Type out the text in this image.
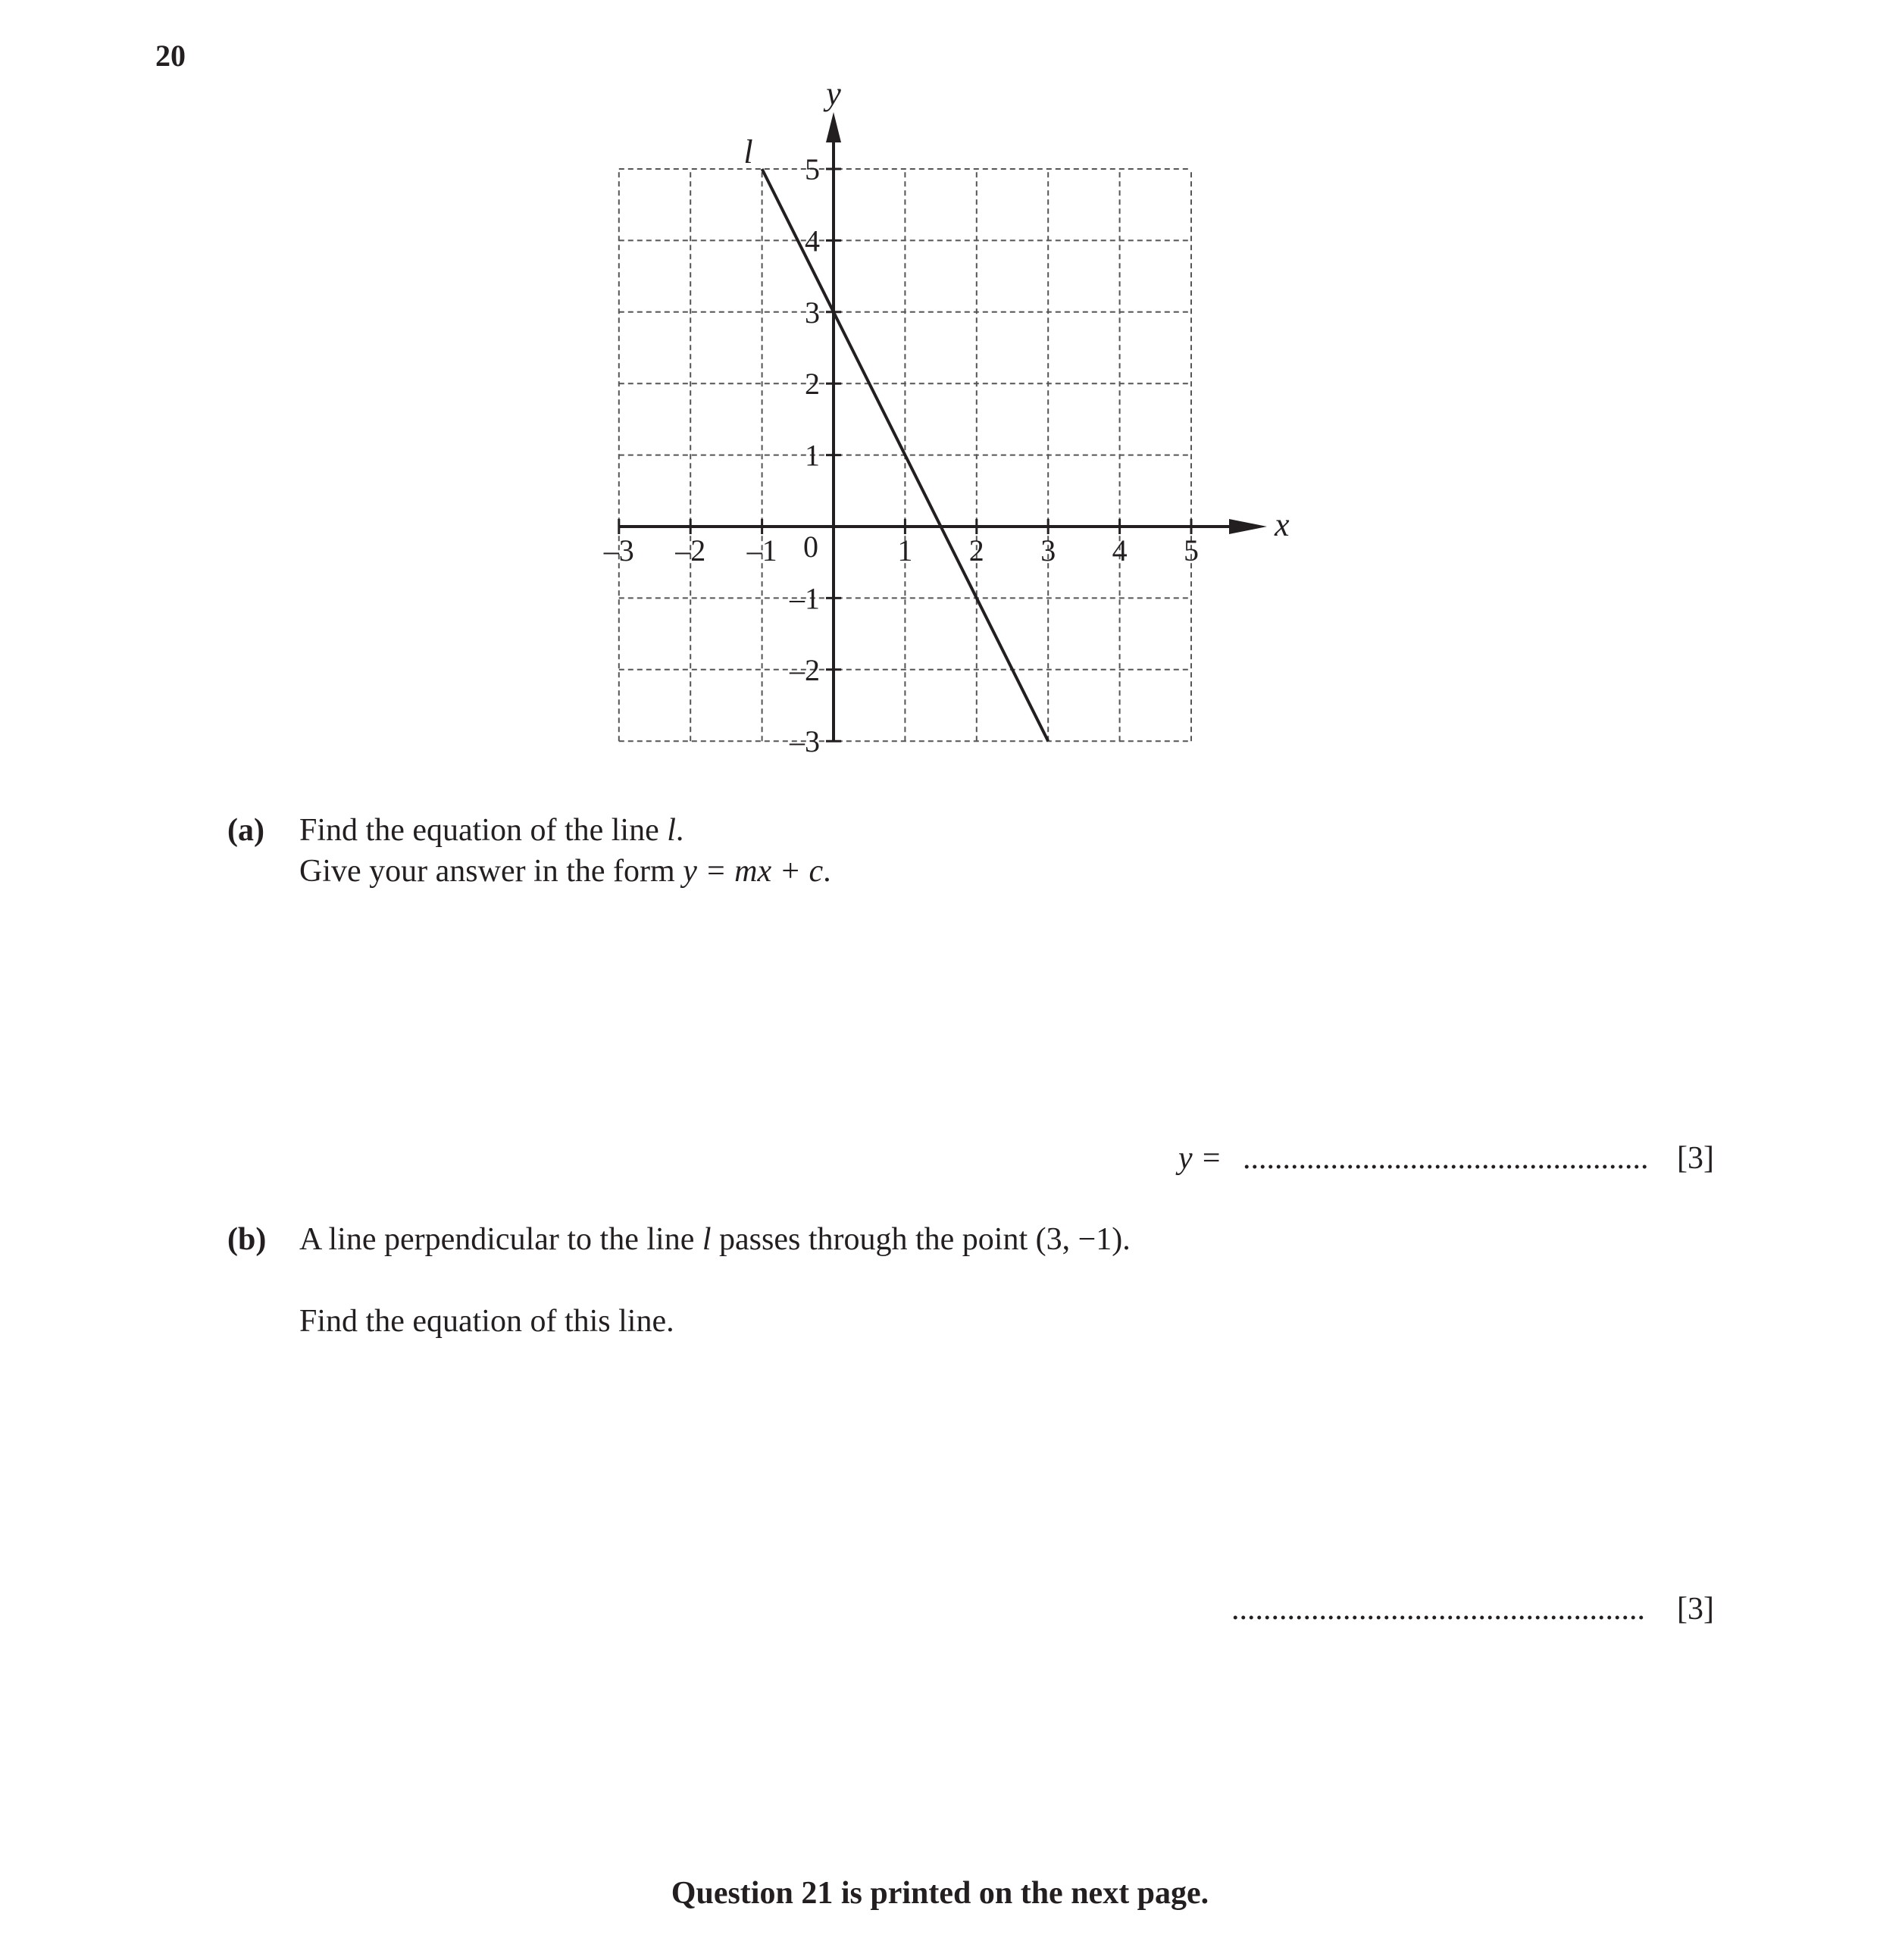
20
–3 –2 –1	1 2 3 4 5
5
4
3
2
1
–1
–2
–3
0
x
y
l
(a) Find the equation of the line l.
Give your answer in the form y = mx + c.
y = ................................................... [3]
(b) A line perpendicular to the line l passes through the point (3, −1).
Find the equation of this line.
....................................................	[3]
Question 21 is printed on the next page.
